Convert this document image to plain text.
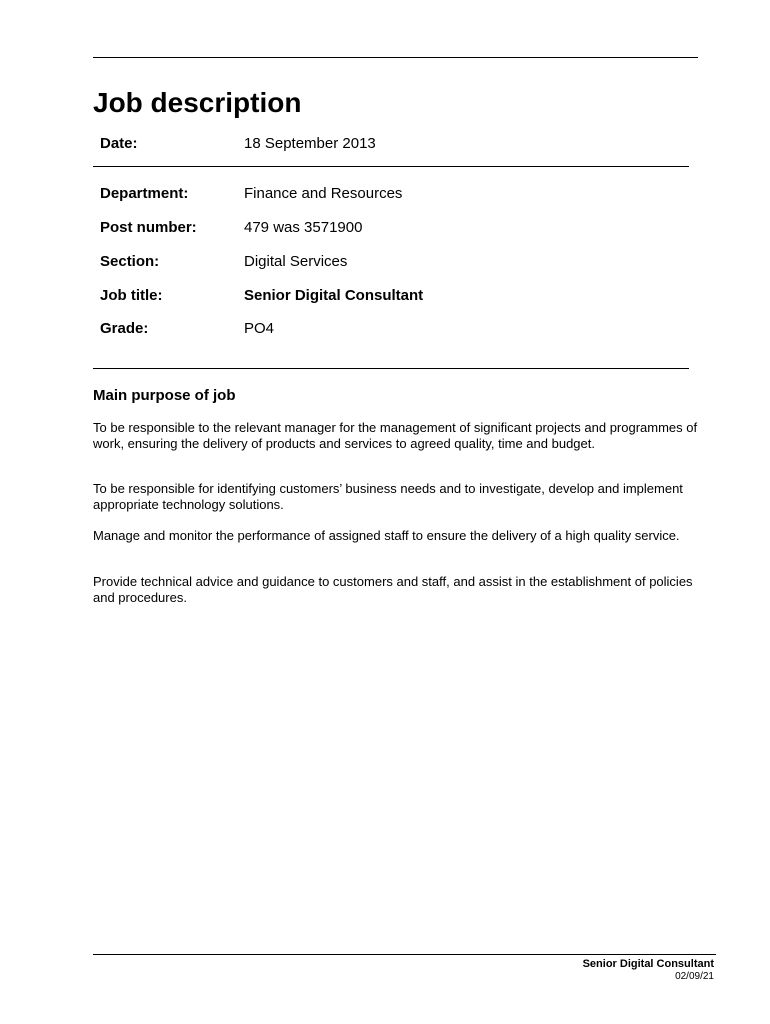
Job description
Date:	18 September 2013
Department:	Finance and Resources
Post number:	479 was 3571900
Section:	Digital Services
Job title:	Senior Digital Consultant
Grade:	PO4
Main purpose of job

To be responsible to the relevant manager for the management of significant projects and programmes of work, ensuring the delivery of products and services to agreed quality, time and budget.

To be responsible for identifying customers’ business needs and to investigate, develop and implement appropriate technology solutions.

Manage and monitor the performance of assigned staff to ensure the delivery of a high quality service.

Provide technical advice and guidance to customers and staff, and assist in the establishment of policies and procedures.

Senior Digital Consultant
02/09/21
